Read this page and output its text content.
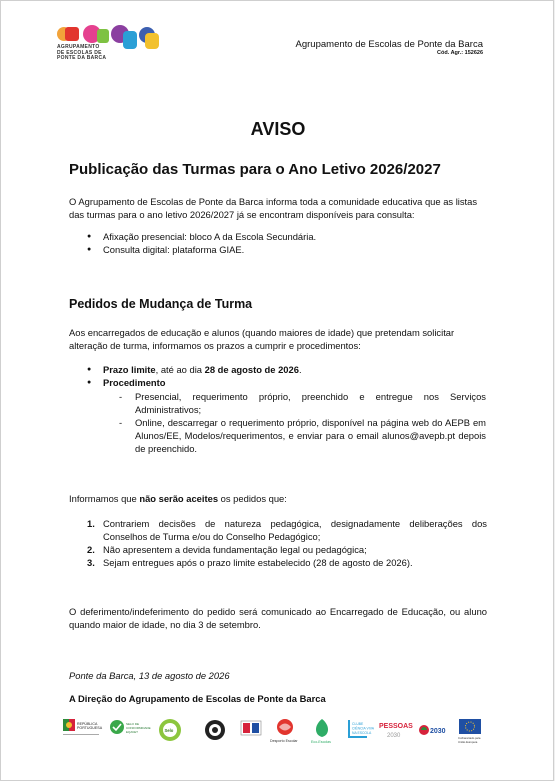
AGRUPAMENTO
DE ESCOLAS DE
PONTE DA BARCA
Agrupamento de Escolas de Ponte da Barca
Cód. Agr.: 152626
AVISO
Publicação das Turmas para o Ano Letivo 2026/2027

O Agrupamento de Escolas de Ponte da Barca informa toda a comunidade educativa que as listas das turmas para o ano letivo 2026/2027 já se encontram disponíveis para consulta:

● Afixação presencial: bloco A da Escola Secundária.
● Consulta digital: plataforma GIAE.
Pedidos de Mudança de Turma

Aos encarregados de educação e alunos (quando maiores de idade) que pretendam solicitar alteração de turma, informamos os prazos a cumprir e procedimentos:

● Prazo limite, até ao dia 28 de agosto de 2026.
● Procedimento
- Presencial, requerimento próprio, preenchido e entregue nos Serviços Administrativos;
- Online, descarregar o requerimento próprio, disponível na página web do AEPB em Alunos/EE, Modelos/requerimentos, e enviar para o email alunos@avepb.pt depois de preenchido.

Informamos que não serão aceites os pedidos que:

1. Contrariem decisões de natureza pedagógica, designadamente deliberações dos Conselhos de Turma e/ou do Conselho Pedagógico;
2. Não apresentem a devida fundamentação legal ou pedagógica;
3. Sejam entregues após o prazo limite estabelecido (28 de agosto de 2026).

O deferimento/indeferimento do pedido será comunicado ao Encarregado de Educação, ou aluno quando maior de idade, no dia 3 de setembro.

Ponte da Barca, 13 de agosto de 2026

A Direção do Agrupamento de Escolas de Ponte da Barca

REPÚBLICA
PORTUGUESA
SELO DE
CONFORMIDADE
EQAVET	Selo
Desporto Escolar	Eco-Escolas
CLUBE
CIÊNCIA VIVA
NA ESCOLA
PESSOAS
2030
2030
Cofinanciado pela
União Europeia
